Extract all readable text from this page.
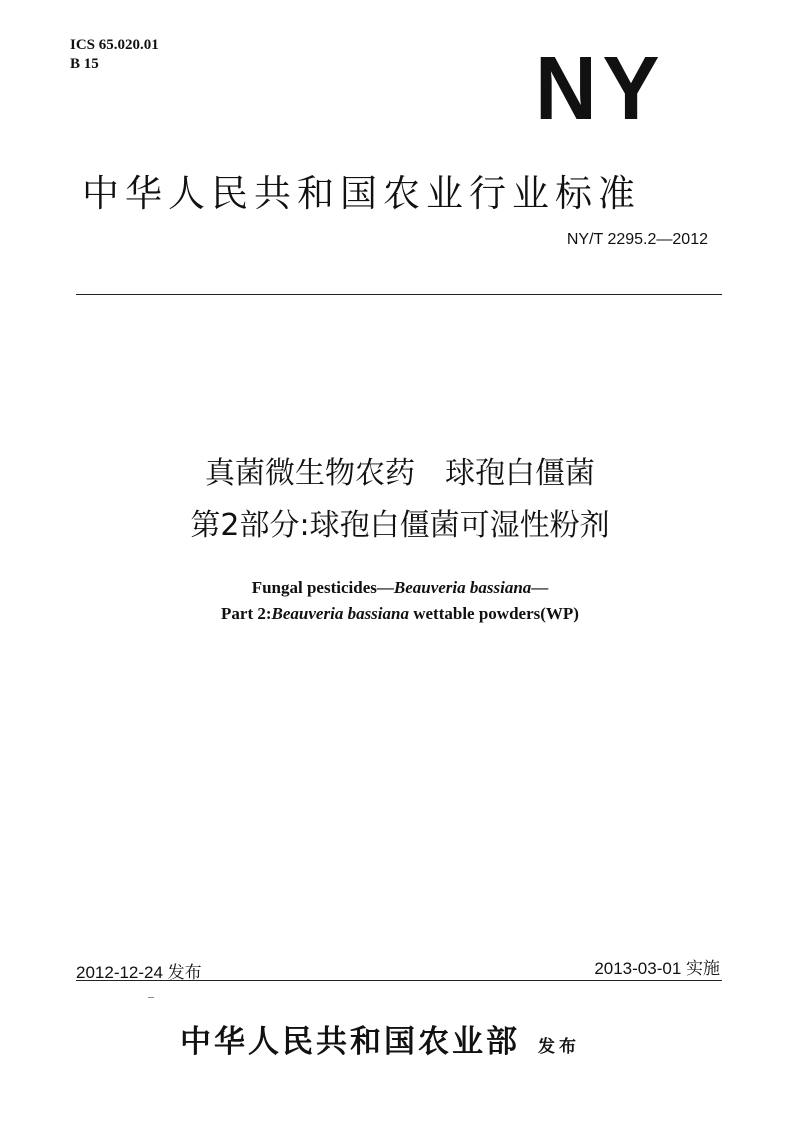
ICS 65.020.01
B 15	NY
中华人民共和国农业行业标准
NY/T 2295.2—2012
真菌微生物农药　球孢白僵菌
第2部分:球孢白僵菌可湿性粉剂
Fungal pesticides—Beauveria bassiana—
Part 2:Beauveria bassiana wettable powders(WP)
2012-12-24 发布	2013-03-01 实施
中华人民共和国农业部 发布
